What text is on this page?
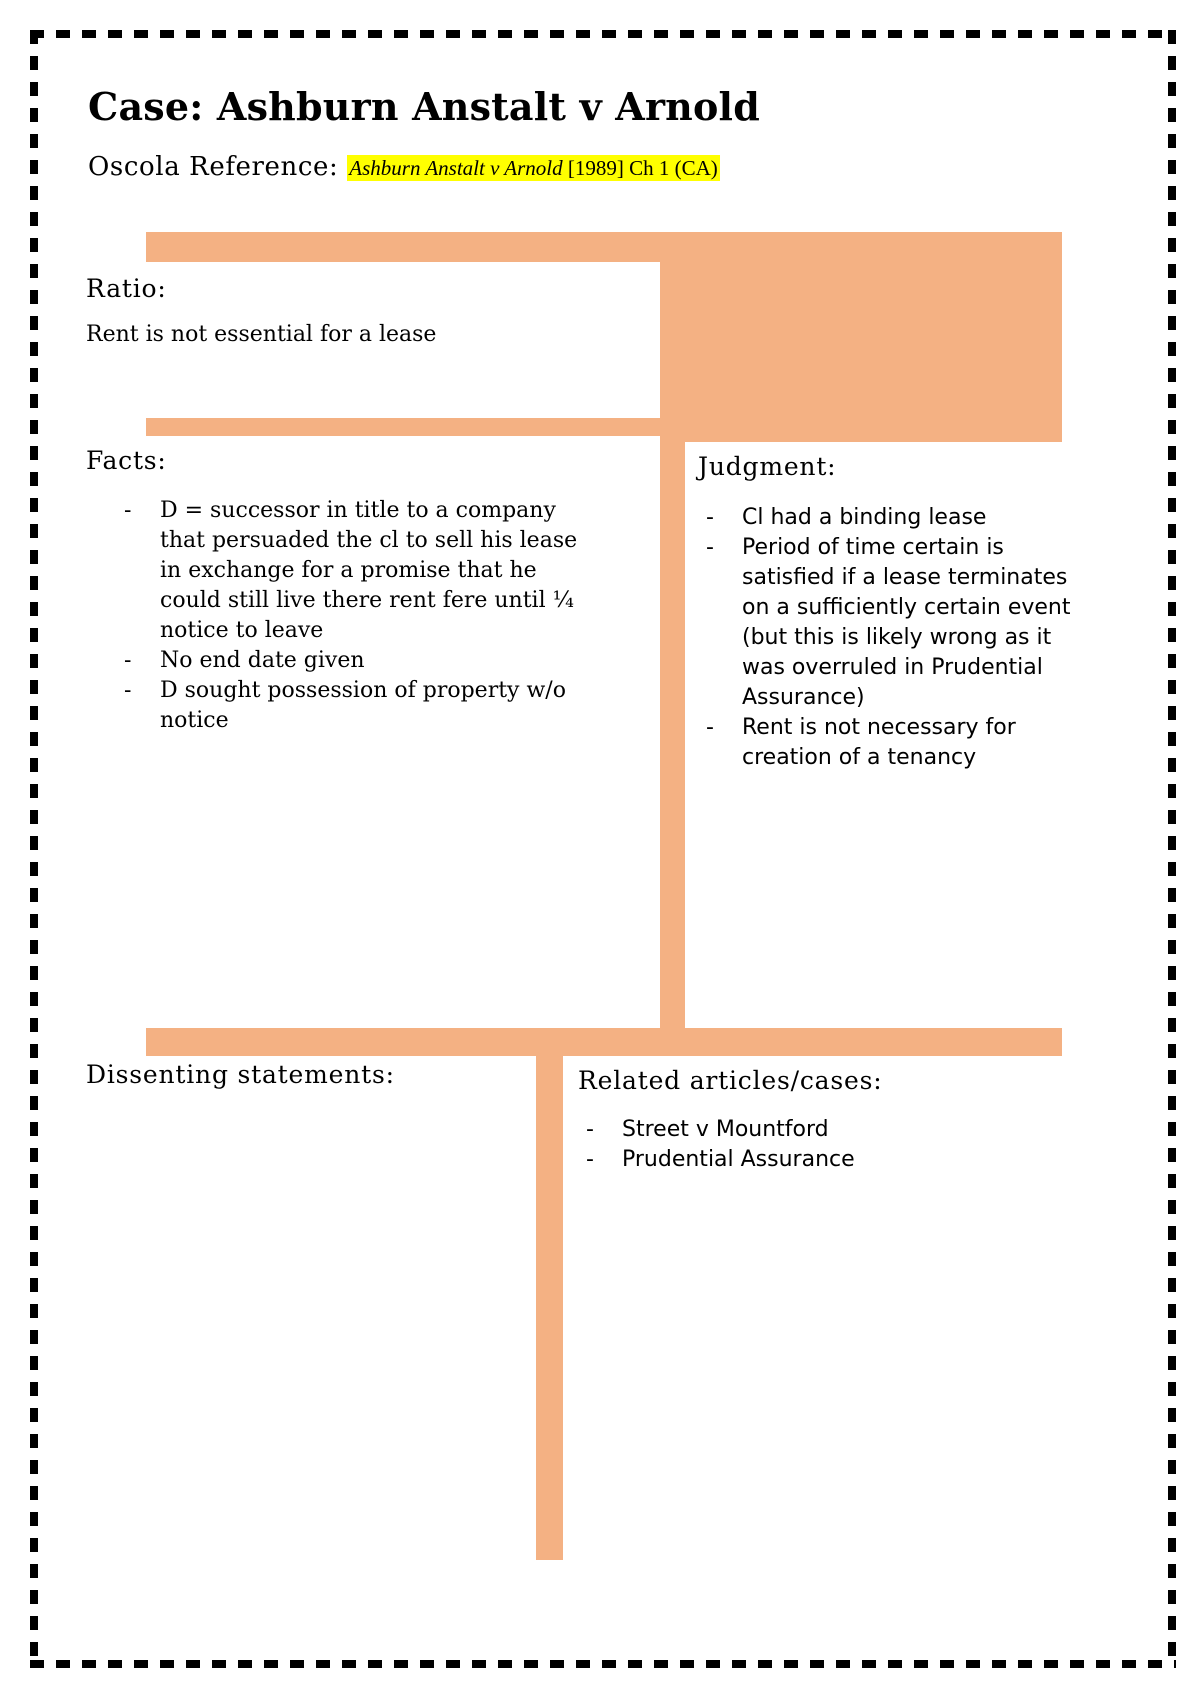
Case: Ashburn Anstalt v Arnold
Oscola Reference: Ashburn Anstalt v Arnold [1989] Ch 1 (CA)
Ratio:

Rent is not essential for a lease

Facts:
- D = successor in title to a company
that persuaded the cl to sell his lease
in exchange for a promise that he
could still live there rent fere until ¼
notice to leave
- No end date given
- D sought possession of property w/o
notice
Judgment:
- Cl had a binding lease
- Period of time certain is
satisfied if a lease terminates
on a sufficiently certain event
(but this is likely wrong as it
was overruled in Prudential
Assurance)
- Rent is not necessary for
creation of a tenancy
Dissenting statements:	Related articles/cases:
- Street v Mountford
- Prudential Assurance
